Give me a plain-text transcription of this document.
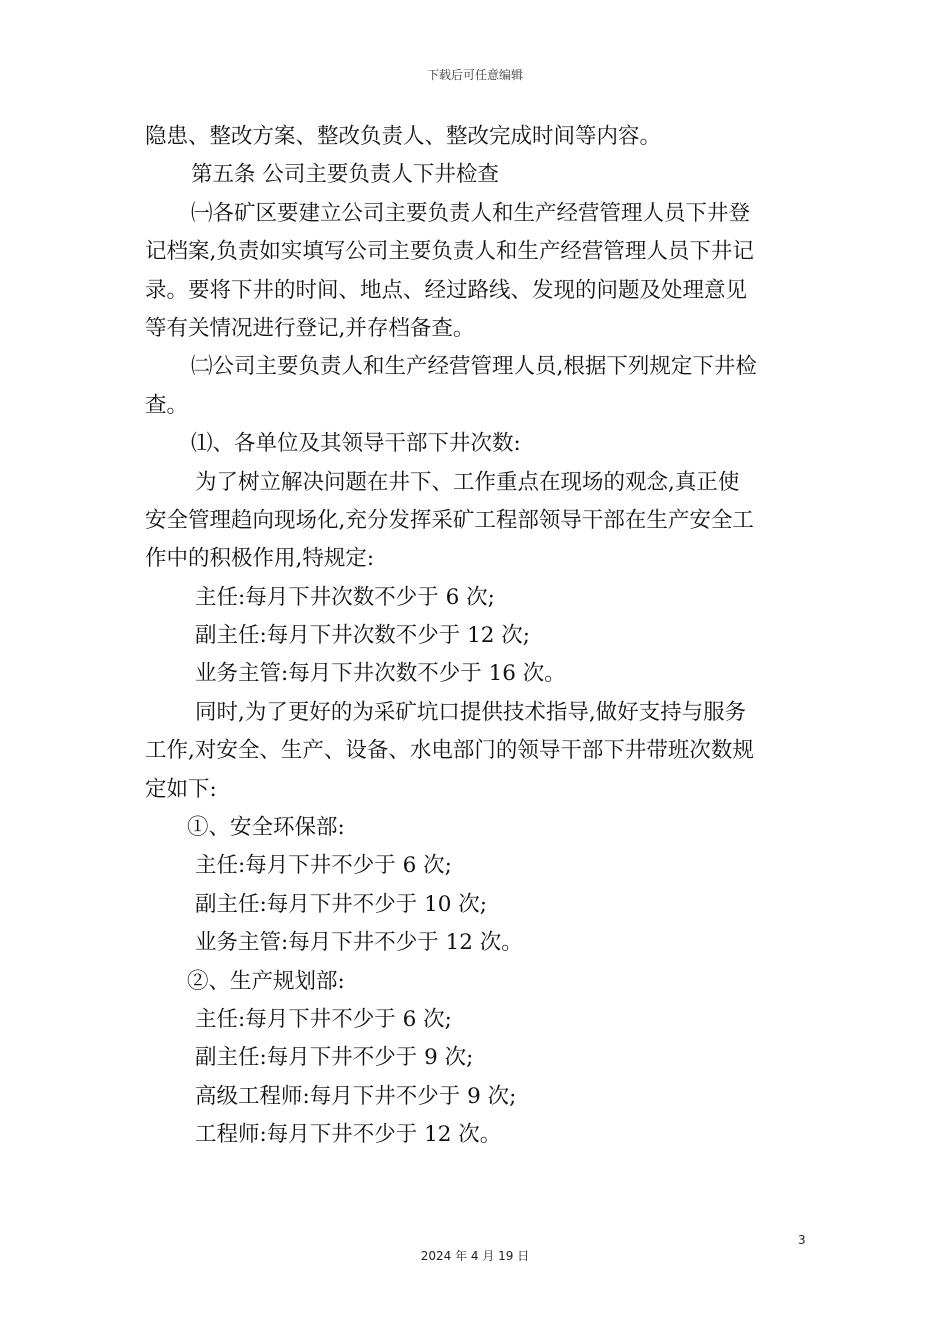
下载后可任意编辑
隐患、整改方案、整改负责人、整改完成时间等内容。
第五条 公司主要负责人下井检查
㈠各矿区要建立公司主要负责人和生产经营管理人员下井登
记档案,负责如实填写公司主要负责人和生产经营管理人员下井记
录。要将下井的时间、地点、经过路线、发现的问题及处理意见
等有关情况进行登记,并存档备查。
㈡公司主要负责人和生产经营管理人员,根据下列规定下井检
查。
⑴、各单位及其领导干部下井次数:
为了树立解决问题在井下、工作重点在现场的观念,真正使
安全管理趋向现场化,充分发挥采矿工程部领导干部在生产安全工
作中的积极作用,特规定:
主任:每月下井次数不少于 6 次;
副主任:每月下井次数不少于 12 次;
业务主管:每月下井次数不少于 16 次。
同时,为了更好的为采矿坑口提供技术指导,做好支持与服务
工作,对安全、生产、设备、水电部门的领导干部下井带班次数规
定如下:
①、安全环保部:
主任:每月下井不少于 6 次;
副主任:每月下井不少于 10 次;
业务主管:每月下井不少于 12 次。
②、生产规划部:
主任:每月下井不少于 6 次;
副主任:每月下井不少于 9 次;
高级工程师:每月下井不少于 9 次;
工程师:每月下井不少于 12 次。
3
2024 年 4 月 19 日
